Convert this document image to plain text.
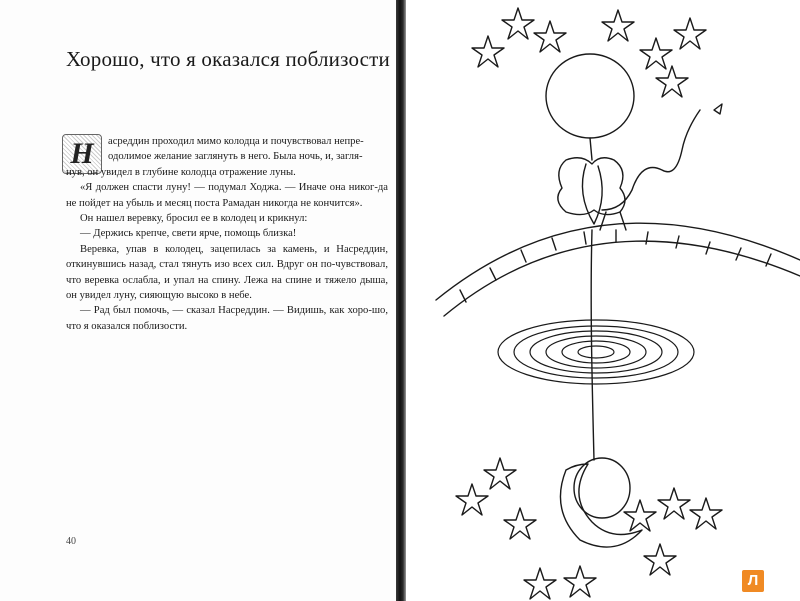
Хорошо, что я оказался поблизости
Н	асреддин проходил мимо колодца и почувствовал непре-
одолимое желание заглянуть в него. Была ночь, и, загля-
нув, он увидел в глубине колодца отражение луны.

«Я должен спасти луну! — подумал Ходжа. — Иначе она никог-да не пойдет на убыль и месяц поста Рамадан никогда не кончится».

Он нашел веревку, бросил ее в колодец и крикнул:

— Держись крепче, свети ярче, помощь близка!

Веревка, упав в колодец, зацепилась за камень, и Насреддин, откинувшись назад, стал тянуть изо всех сил. Вдруг он по-чувствовал, что веревка ослабла, и упал на спину. Лежа на спине и тяжело дыша, он увидел луну, сияющую высоко в небе.

— Рад был помочь, — сказал Насреддин. — Видишь, как хоро-шо, что я оказался поблизости.

40
Л
